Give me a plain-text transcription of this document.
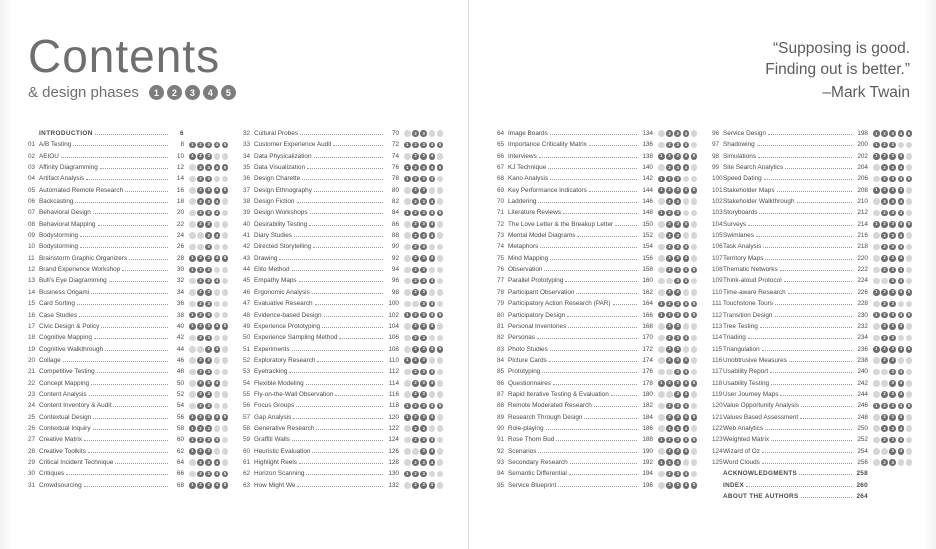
Contents
& design phases	1	2	3	4	5
“Supposing is good.
Finding out is better.”
–Mark Twain
INTRODUCTION	6
01 A/B Testing	8	1	2	3	4	5
02 AEIOU	10	1	2	3	4	5
03 Affinity Diagramming	12	1	2	3	4	5
04 Artifact Analysis	14	1	2	3	4	5
05 Automated Remote Research	16	1	2	3	4	5
06 Backcasting	18	1	2	3	4	5
07 Behavioral Design	20	1	2	3	4	5
08 Behavioral Mapping	22	1	2	3	4	5
09 Bodystorming	24	1	2	3	4	5
10 Bodystorming	26	1	2	3	4	5
11 Brainstorm Graphic Organizers	28	1	2	3	4	5
12 Brand Experience Workshop	30	1	2	3	4	5
13 Bull’s Eye Diagramming	32	1	2	3	4	5
14 Business Origami	34	1	2	3	4	5
15 Card Sorting	36	1	2	3	4	5
16 Case Studies	38	1	2	3	4	5
17 Civic Design & Policy	40	1	2	3	4	5
18 Cognitive Mapping	42	1	2	3	4	5
19 Cognitive Walkthrough	44	1	2	3	4	5
20 Collage	46	1	2	3	4	5
21 Competitive Testing	48	1	2	3	4	5
22 Concept Mapping	50	1	2	3	4	5
23 Content Analysis	52	1	2	3	4	5
24 Content Inventory & Audit	54	1	2	3	4	5
25 Contextual Design	56	1	2	3	4	5
26 Contextual Inquiry	58	1	2	3	4	5
27 Creative Matrix	60	1	2	3	4	5
28 Creative Toolkits	62	1	2	3	4	5
29 Critical Incident Technique	64	1	2	3	4	5
30 Critiques	66	1	2	3	4	5
31 Crowdsourcing	68	1	2	3	4	5
32 Cultural Probes	70	1	2	3	4	5
33 Customer Experience Audit	72	1	2	3	4	5
34 Data Physicalization	74	1	2	3	4	5
35 Data Visualization	76	1	2	3	4	5
36 Design Charette	78	1	2	3	4	5
37 Design Ethnography	80	1	2	3	4	5
38 Design Fiction	82	1	2	3	4	5
39 Design Workshops	84	1	2	3	4	5
40 Desirability Testing	86	1	2	3	4	5
41 Diary Studies	88	1	2	3	4	5
42 Directed Storytelling	90	1	2	3	4	5
43 Drawing	92	1	2	3	4	5
44 Elito Method	94	1	2	3	4	5
45 Empathy Maps	96	1	2	3	4	5
46 Ergonomic Analysis	98	1	2	3	4	5
47 Evaluative Research	100	1	2	3	4	5
48 Evidence-based Design	102	1	2	3	4	5
49 Experience Prototyping	104	1	2	3	4	5
50 Experience Sampling Method	106	1	2	3	4	5
51 Experiments	108	1	2	3	4	5
52 Exploratory Research	110	1	2	3	4	5
53 Eyetracking	112	1	2	3	4	5
54 Flexible Modeling	114	1	2	3	4	5
55 Fly-on-the-Wall Observation	116	1	2	3	4	5
56 Focus Groups	118	1	2	3	4	5
57 Gap Analysis	120	1	2	3	4	5
58 Generative Research	122	1	2	3	4	5
59 Graffiti Walls	124	1	2	3	4	5
60 Heuristic Evaluation	126	1	2	3	4	5
61 Highlight Reels	128	1	2	3	4	5
62 Horizon Scanning	130	1	2	3	4	5
63 How Might We	132	1	2	3	4	5
64 Image Boards	134	1	2	3	4	5
65 Importance Criticality Matrix	136	1	2	3	4	5
66 Interviews	138	1	2	3	4	5
67 KJ Technique	140	1	2	3	4	5
68 Kano Analysis	142	1	2	3	4	5
69 Key Performance Indicators	144	1	2	3	4	5
70 Laddering	146	1	2	3	4	5
71 Literature Reviews	148	1	2	3	4	5
72 The Love Letter & the Breakup Letter	150	1	2	3	4	5
73 Mental Model Diagrams	152	1	2	3	4	5
74 Metaphors	154	1	2	3	4	5
75 Mind Mapping	156	1	2	3	4	5
76 Observation	158	1	2	3	4	5
77 Parallel Prototyping	160	1	2	3	4	5
78 Participant Observation	162	1	2	3	4	5
79 Participatory Action Research (PAR)	164	1	2	3	4	5
80 Participatory Design	166	1	2	3	4	5
81 Personal Inventories	168	1	2	3	4	5
82 Personas	170	1	2	3	4	5
83 Photo Studies	172	1	2	3	4	5
84 Picture Cards	174	1	2	3	4	5
85 Prototyping	176	1	2	3	4	5
86 Questionnaires	178	1	2	3	4	5
87 Rapid Iterative Testing & Evaluation	180	1	2	3	4	5
88 Remote Moderated Research	182	1	2	3	4	5
89 Research Through Design	184	1	2	3	4	5
90 Role-playing	186	1	2	3	4	5
91 Rose Thorn Bud	188	1	2	3	4	5
92 Scenarios	190	1	2	3	4	5
93 Secondary Research	192	1	2	3	4	5
94 Semantic Differential	194	1	2	3	4	5
95 Service Blueprint	196	1	2	3	4	5
96 Service Design	198	1	2	3	4	5
97 Shadowing	200	1	2	3	4	5
98 Simulations	202	1	2	3	4	5
99 Site Search Analytics	204	1	2	3	4	5
100 Speed Dating	206	1	2	3	4	5
101 Stakeholder Maps	208	1	2	3	4	5
102 Stakeholder Walkthrough	210	1	2	3	4	5
103 Storyboards	212	1	2	3	4	5
104 Surveys	214	1	2	3	4	5
105 Swimlanes	216	1	2	3	4	5
106 Task Analysis	218	1	2	3	4	5
107 Territory Maps	220	1	2	3	4	5
108 Thematic Networks	222	1	2	3	4	5
109 Think-aloud Protocol	224	1	2	3	4	5
110 Time-aware Research	226	1	2	3	4	5
111 Touchstone Tours	228	1	2	3	4	5
112 Transition Design	230	1	2	3	4	5
113 Tree Testing	232	1	2	3	4	5
114 Triading	234	1	2	3	4	5
115 Triangulation	236	1	2	3	4	5
116 Unobtrusive Measures	238	1	2	3	4	5
117 Usability Report	240	1	2	3	4	5
118 Usability Testing	242	1	2	3	4	5
119 User Journey Maps	244	1	2	3	4	5
120 Value Opportunity Analysis	246	1	2	3	4	5
121 Values Based Assessment	248	1	2	3	4	5
122 Web Analytics	250	1	2	3	4	5
123 Weighted Matrix	252	1	2	3	4	5
124 Wizard of Oz	254	1	2	3	4	5
125 Word Clouds	256	1	2	3	4	5
ACKNOWLEDGMENTS	258
INDEX	260
ABOUT THE AUTHORS	264
